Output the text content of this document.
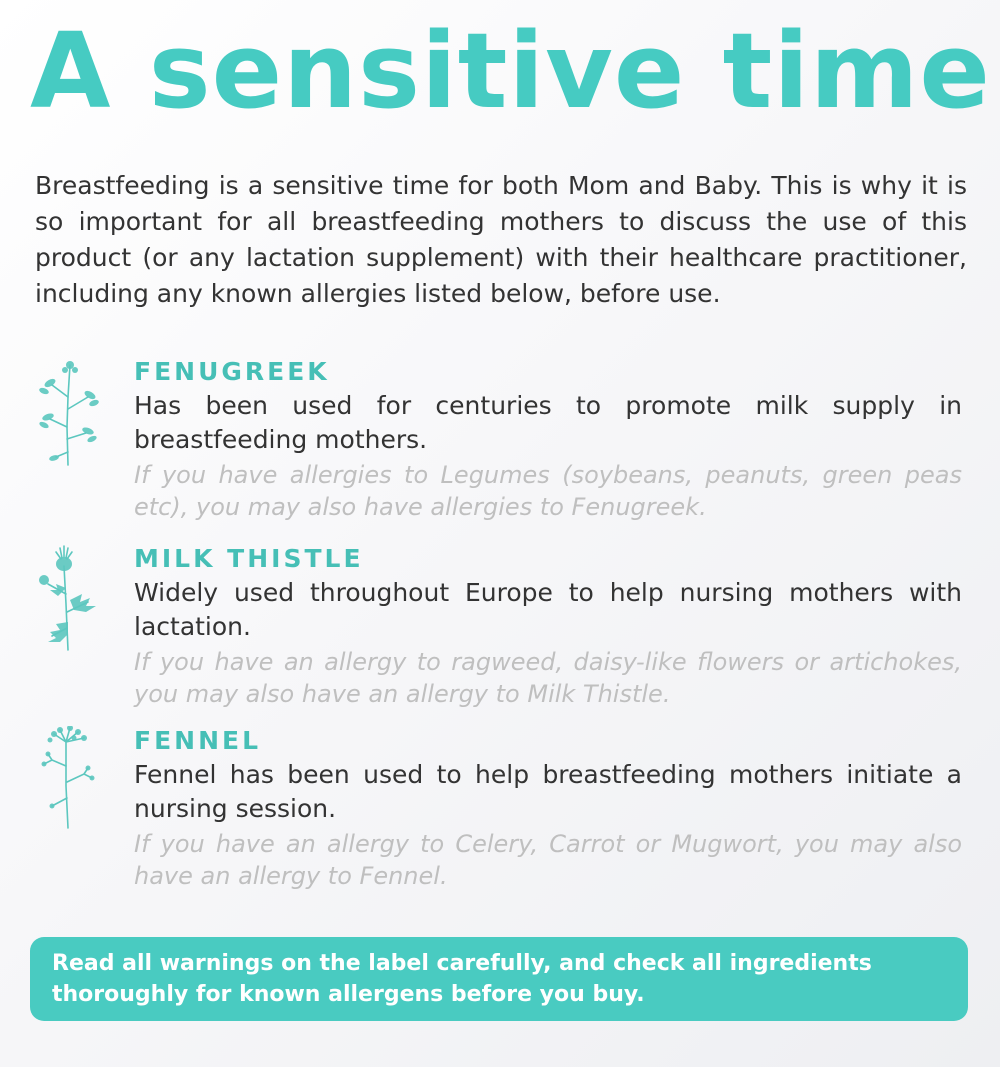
A sensitive time
Breastfeeding is a sensitive time for both Mom and Baby. This is why it is so important for all breastfeeding mothers to discuss the use of this product (or any lactation supplement) with their healthcare practitioner, including any known allergies listed below, before use.
FENUGREEK
Has been used for centuries to promote milk supply in breastfeeding mothers.
If you have allergies to Legumes (soybeans, peanuts, green peas etc), you may also have allergies to Fenugreek.
MILK THISTLE
Widely used throughout Europe to help nursing mothers with lactation.
If you have an allergy to ragweed, daisy-like flowers or artichokes, you may also have an allergy to Milk Thistle.
FENNEL
Fennel has been used to help breastfeeding mothers initiate a nursing session.
If you have an allergy to Celery, Carrot or Mugwort, you may also have an allergy to Fennel.
Read all warnings on the label carefully, and check all ingredients thoroughly for known allergens before you buy.
